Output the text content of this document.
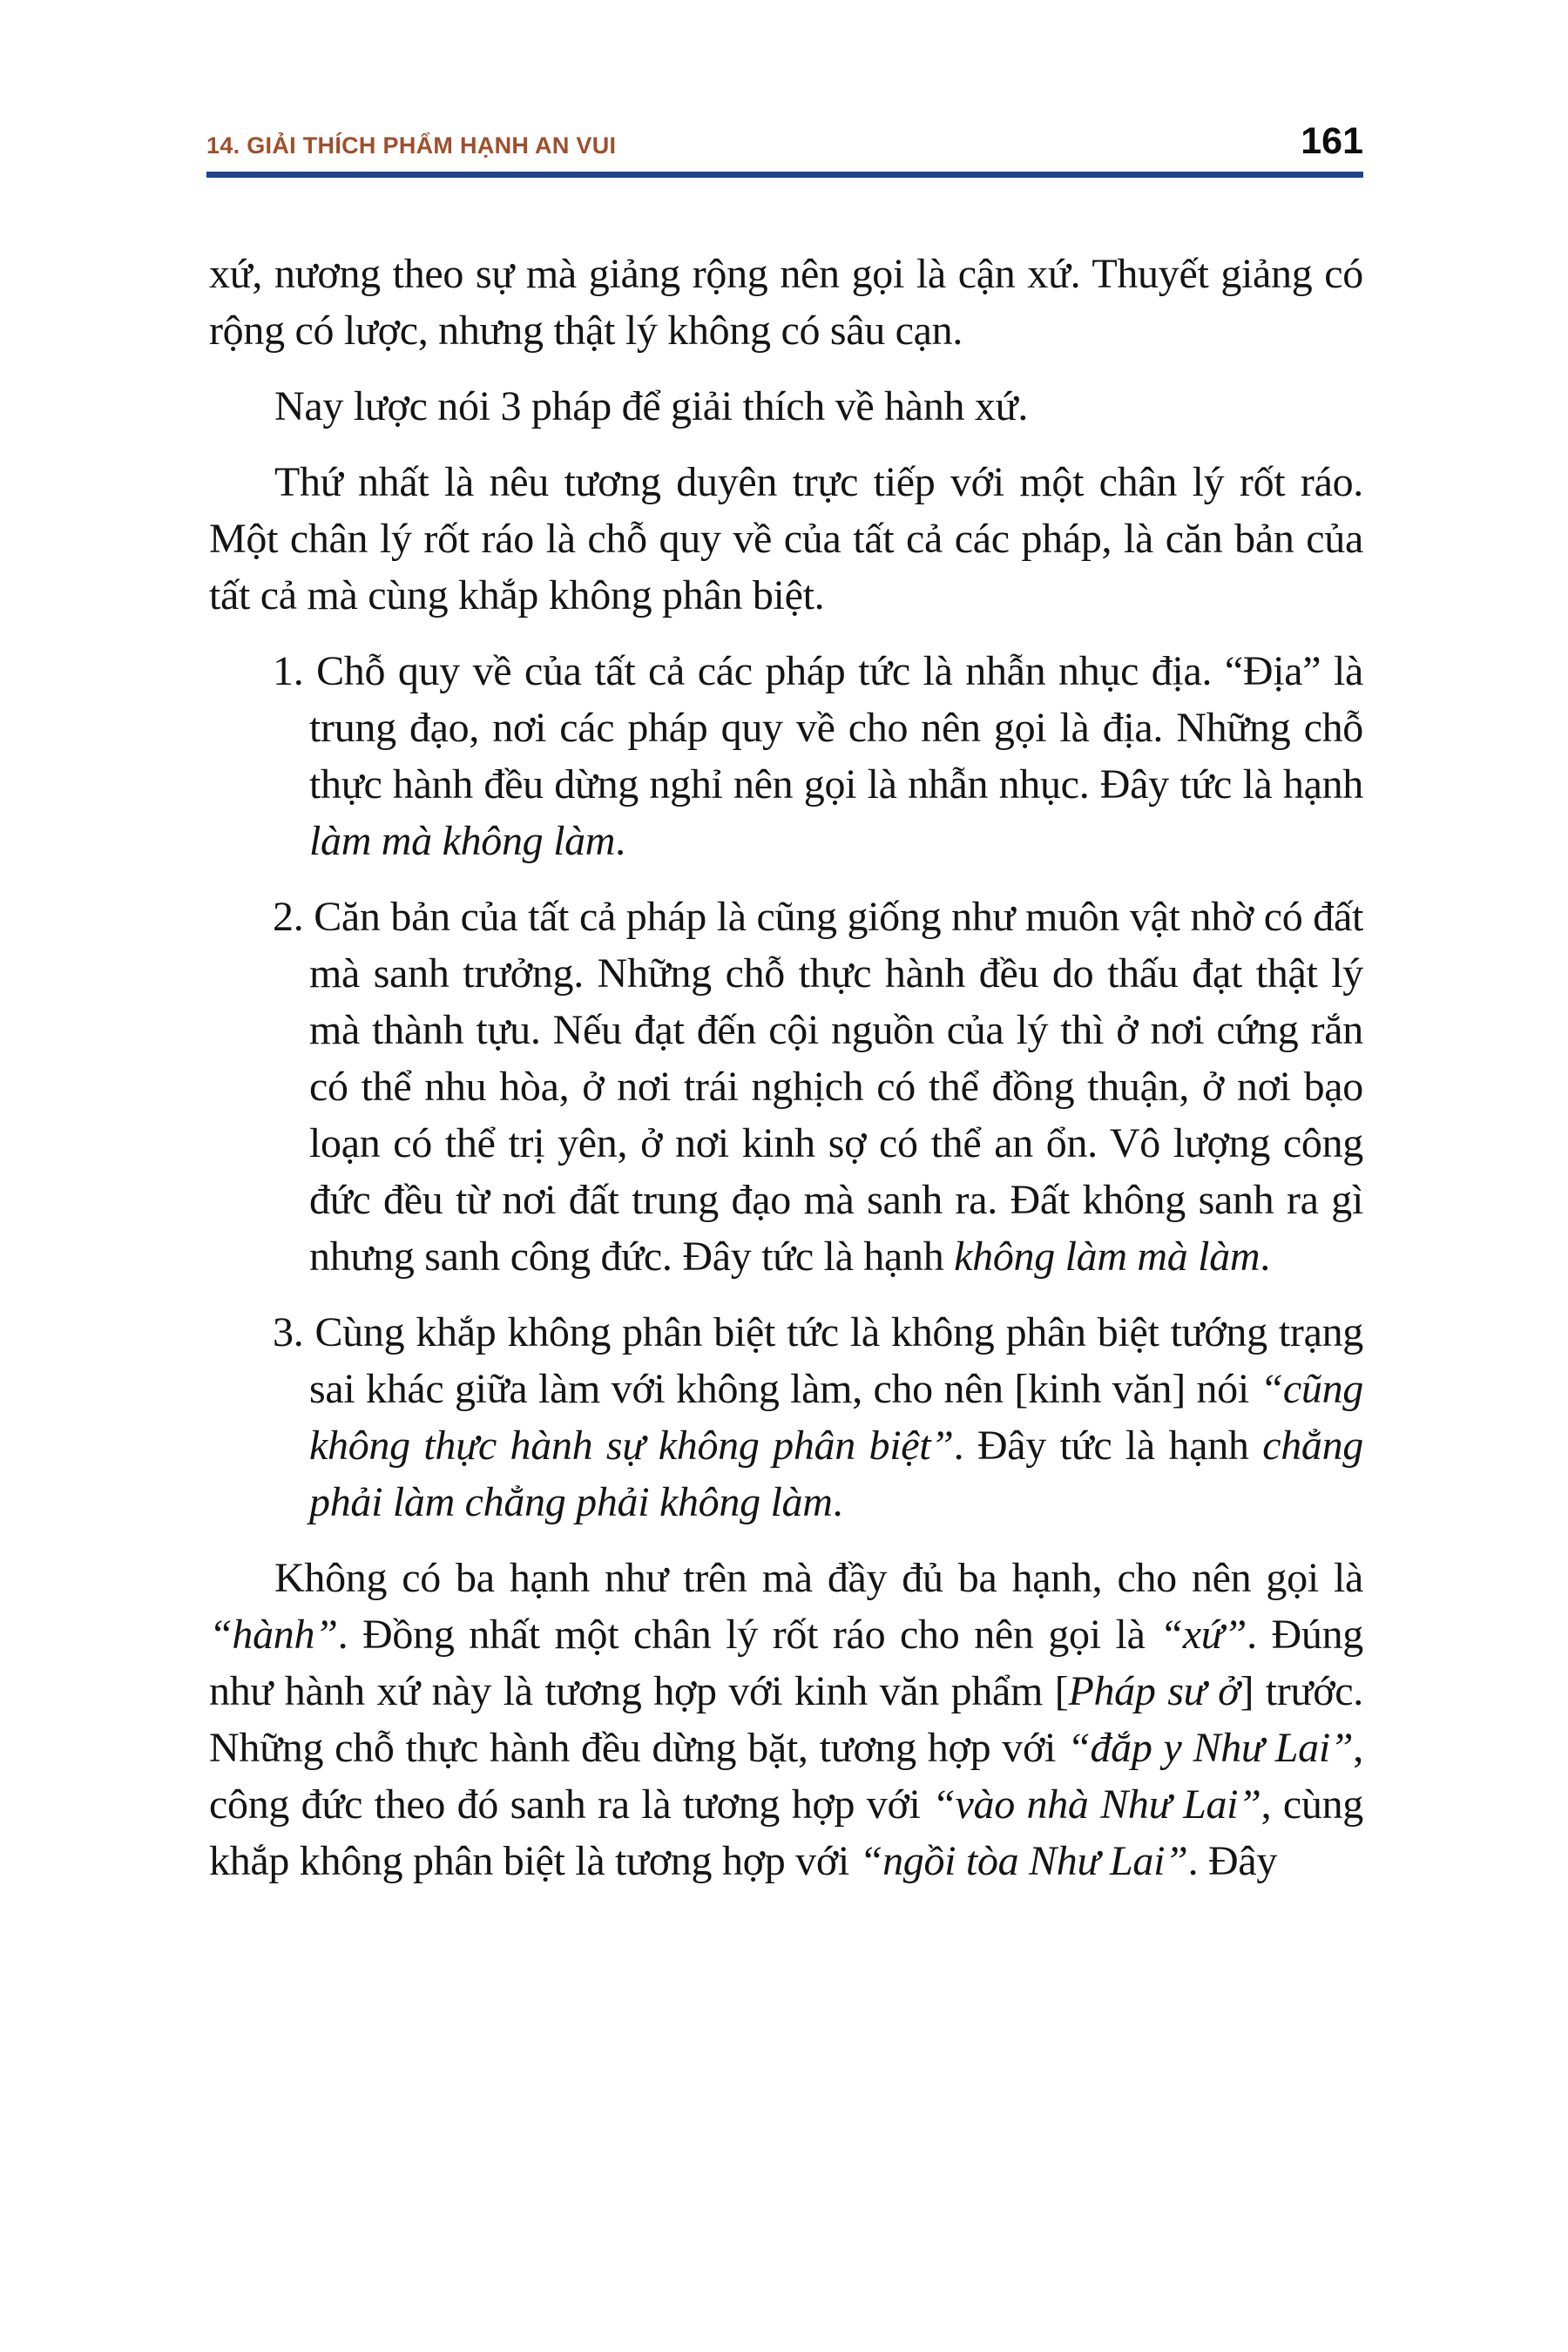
14. GIẢI THÍCH PHẨM HẠNH AN VUI	161

xứ, nương theo sự mà giảng rộng nên gọi là cận xứ. Thuyết giảng có rộng có lược, nhưng thật lý không có sâu cạn.

Nay lược nói 3 pháp để giải thích về hành xứ.

Thứ nhất là nêu tương duyên trực tiếp với một chân lý rốt ráo. Một chân lý rốt ráo là chỗ quy về của tất cả các pháp, là căn bản của tất cả mà cùng khắp không phân biệt.

1. Chỗ quy về của tất cả các pháp tức là nhẫn nhục địa. “Địa” là trung đạo, nơi các pháp quy về cho nên gọi là địa. Những chỗ thực hành đều dừng nghỉ nên gọi là nhẫn nhục. Đây tức là hạnh làm mà không làm.

2. Căn bản của tất cả pháp là cũng giống như muôn vật nhờ có đất mà sanh trưởng. Những chỗ thực hành đều do thấu đạt thật lý mà thành tựu. Nếu đạt đến cội nguồn của lý thì ở nơi cứng rắn có thể nhu hòa, ở nơi trái nghịch có thể đồng thuận, ở nơi bạo loạn có thể trị yên, ở nơi kinh sợ có thể an ổn. Vô lượng công đức đều từ nơi đất trung đạo mà sanh ra. Đất không sanh ra gì nhưng sanh công đức. Đây tức là hạnh không làm mà làm.

3. Cùng khắp không phân biệt tức là không phân biệt tướng trạng sai khác giữa làm với không làm, cho nên [kinh văn] nói “cũng không thực hành sự không phân biệt”. Đây tức là hạnh chẳng phải làm chẳng phải không làm.

Không có ba hạnh như trên mà đầy đủ ba hạnh, cho nên gọi là “hành”. Đồng nhất một chân lý rốt ráo cho nên gọi là “xứ”. Đúng như hành xứ này là tương hợp với kinh văn phẩm [Pháp sư ở] trước. Những chỗ thực hành đều dừng bặt, tương hợp với “đắp y Như Lai”, công đức theo đó sanh ra là tương hợp với “vào nhà Như Lai”, cùng khắp không phân biệt là tương hợp với “ngồi tòa Như Lai”. Đây
